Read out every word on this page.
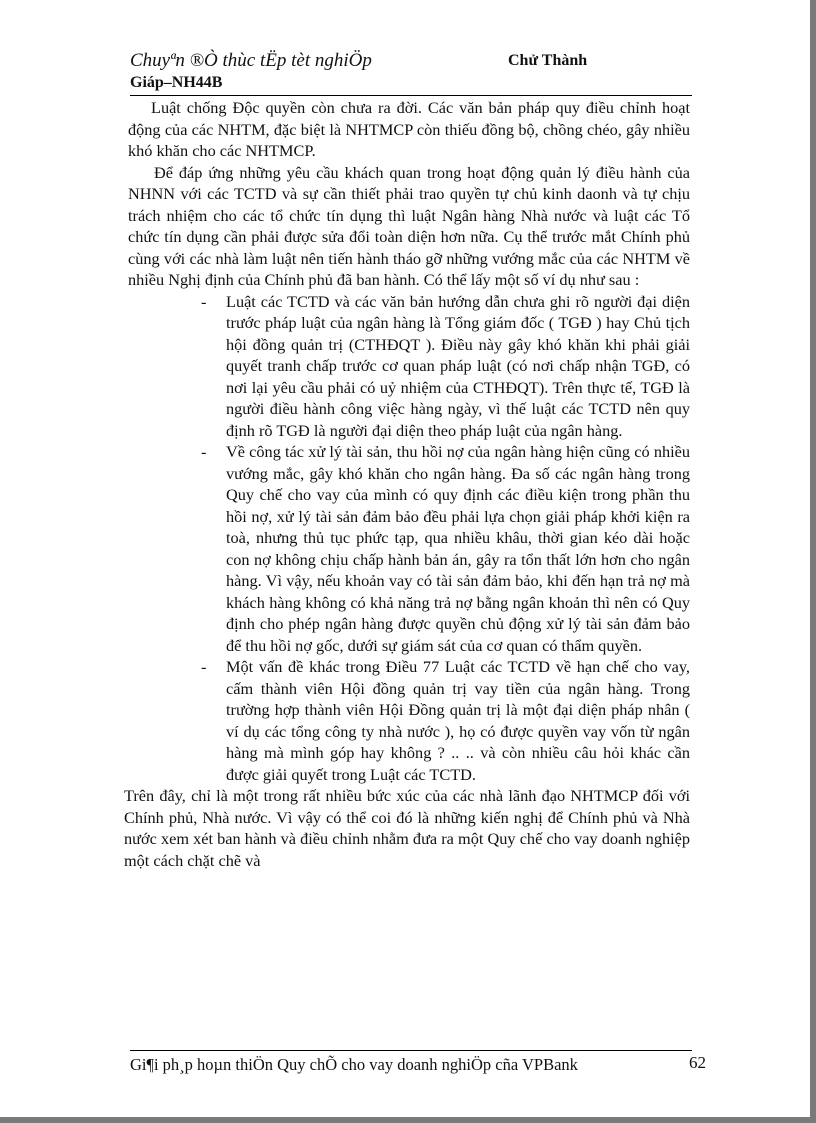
Chuyªn ®Ò thùc tËp tèt nghiÖp	Chử Thành
Giáp–NH44B

Luật chống Độc quyền còn chưa ra đời. Các văn bản pháp quy điều chỉnh hoạt động của các NHTM, đặc biệt là NHTMCP còn thiếu đồng bộ, chồng chéo, gây nhiều khó khăn cho các NHTMCP.

Để đáp ứng những yêu cầu khách quan trong hoạt động quản lý điều hành của NHNN với các TCTD và sự cần thiết phải trao quyền tự chủ kinh daonh và tự chịu trách nhiệm cho các tổ chức tín dụng thì luật Ngân hàng Nhà nước và luật các Tổ chức tín dụng cần phải được sửa đổi toàn diện hơn nữa. Cụ thể trước mắt Chính phủ cùng với các nhà làm luật nên tiến hành tháo gỡ những vướng mắc của các NHTM về nhiều Nghị định của Chính phủ đã ban hành. Có thể lấy một số ví dụ như sau :

- Luật các TCTD và các văn bản hướng dẫn chưa ghi rõ người đại diện trước pháp luật của ngân hàng là Tổng giám đốc ( TGĐ ) hay Chủ tịch hội đồng quản trị (CTHĐQT ). Điều này gây khó khăn khi phải giải quyết tranh chấp trước cơ quan pháp luật (có nơi chấp nhận TGĐ, có nơi lại yêu cầu phải có uỷ nhiệm của CTHĐQT). Trên thực tế, TGĐ là người điều hành công việc hàng ngày, vì thế luật các TCTD nên quy định rõ TGĐ là người đại diện theo pháp luật của ngân hàng.
- Về công tác xử lý tài sản, thu hồi nợ của ngân hàng hiện cũng có nhiều vướng mắc, gây khó khăn cho ngân hàng. Đa số các ngân hàng trong Quy chế cho vay của mình có quy định các điều kiện trong phần thu hồi nợ, xử lý tài sản đảm bảo đều phải lựa chọn giải pháp khởi kiện ra toà, nhưng thủ tục phức tạp, qua nhiều khâu, thời gian kéo dài hoặc con nợ không chịu chấp hành bản án, gây ra tổn thất lớn hơn cho ngân hàng. Vì vậy, nếu khoản vay có tài sản đảm bảo, khi đến hạn trả nợ mà khách hàng không có khả năng trả nợ bằng ngân khoản thì nên có Quy định cho phép ngân hàng được quyền chủ động xử lý tài sản đảm bảo để thu hồi nợ gốc, dưới sự giám sát của cơ quan có thẩm quyền.
- Một vấn đề khác trong Điều 77 Luật các TCTD về hạn chế cho vay, cấm thành viên Hội đồng quản trị vay tiền của ngân hàng. Trong trường hợp thành viên Hội Đồng quản trị là một đại diện pháp nhân ( ví dụ các tổng công ty nhà nước ), họ có được quyền vay vốn từ ngân hàng mà mình góp hay không ? .. .. và còn nhiều câu hỏi khác cần được giải quyết trong Luật các TCTD.

Trên đây, chỉ là một trong rất nhiều bức xúc của các nhà lãnh đạo NHTMCP đối với Chính phủ, Nhà nước. Vì vậy có thể coi đó là những kiến nghị để Chính phủ và Nhà nước xem xét ban hành và điều chỉnh nhằm đưa ra một Quy chế cho vay doanh nghiệp một cách chặt chẽ và

Gi¶i ph¸p hoµn thiÖn Quy chÕ cho vay doanh nghiÖp cña VPBank	62
